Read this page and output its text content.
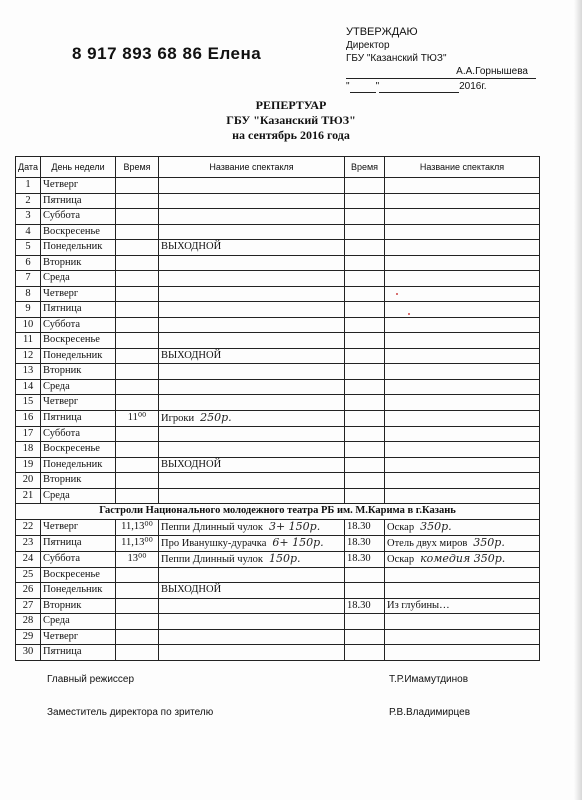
8 917 893 68 86 Елена
УТВЕРЖДАЮ
Директор
ГБУ "Казанский ТЮЗ"
А.А.Горнышева
"	"	2016г.
РЕПЕРТУАР
ГБУ "Казанский ТЮЗ"
на сентябрь 2016 года
Дата	День недели	Время	Название спектакля	Время	Название спектакля
1	Четверг				
2	Пятница				
3	Суббота				
4	Воскресенье				
5	Понедельник		ВЫХОДНОЙ		
6	Вторник				
7	Среда				
8	Четверг				
9	Пятница				
10	Суббота				
11	Воскресенье				
12	Понедельник		ВЫХОДНОЙ		
13	Вторник				
14	Среда				
15	Четверг				
16	Пятница	11⁰⁰	Игроки 250р.		
17	Суббота				
18	Воскресенье				
19	Понедельник		ВЫХОДНОЙ		
20	Вторник				
21	Среда				
Гастроли Национального молодежного театра РБ им. М.Карима в г.Казань					
22	Четверг	11,13⁰⁰	Пеппи Длинный чулок 3+ 150р.	18.30	Оскар 350р.
23	Пятница	11,13⁰⁰	Про Иванушку-дурачка 6+ 150р.	18.30	Отель двух миров 350р.
24	Суббота	13⁰⁰	Пеппи Длинный чулок 150р.	18.30	Оскар комедия 350р.
25	Воскресенье				
26	Понедельник		ВЫХОДНОЙ		
27	Вторник			18.30	Из глубины…
28	Среда				
29	Четверг				
30	Пятница				
Главный режиссер	Т.Р.Имамутдинов
Заместитель директора по зрителю	Р.В.Владимирцев
